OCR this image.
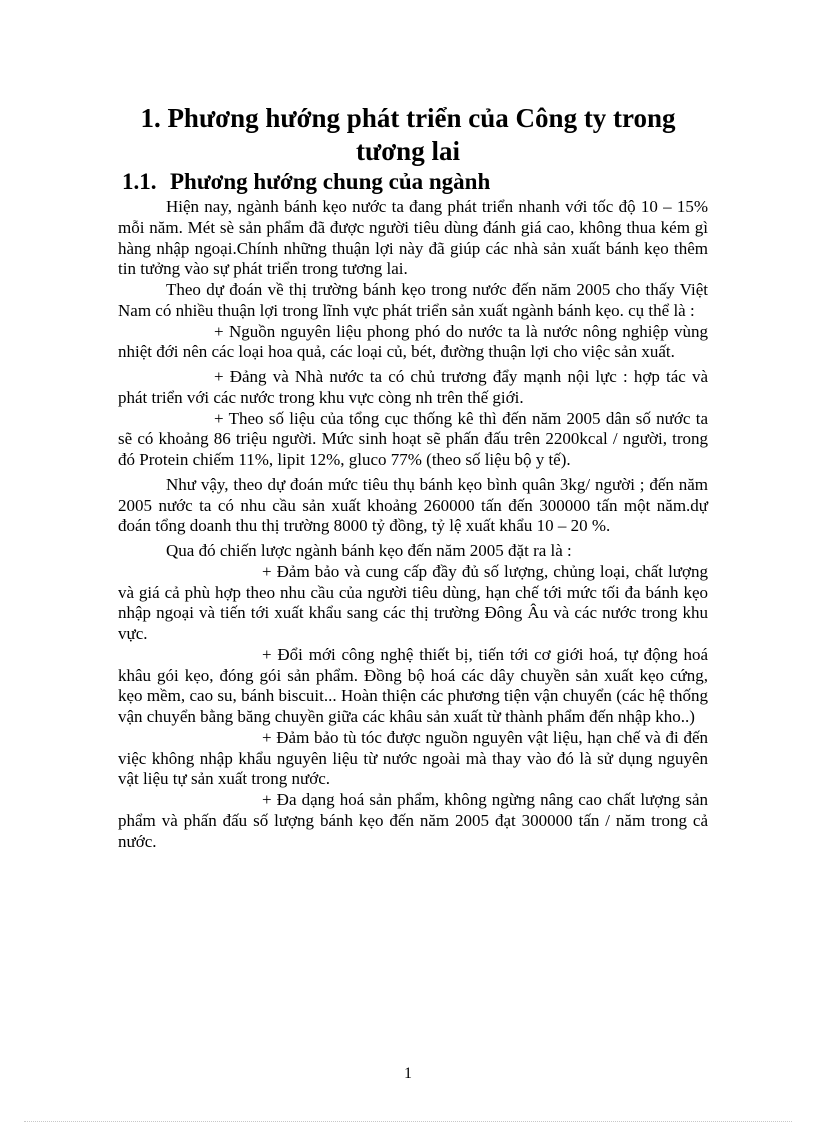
1. Phương hướng phát triển của Công ty trong tương lai
1.1. Phương hướng chung của ngành

Hiện nay, ngành bánh kẹo nước ta đang phát triển nhanh với tốc độ 10 – 15% mỗi năm. Mét sè sản phẩm đã được người tiêu dùng đánh giá cao, không thua kém gì hàng nhập ngoại.Chính những thuận lợi này đã giúp các nhà sản xuất bánh kẹo thêm tin tưởng vào sự phát triển trong tương lai.

Theo dự đoán về thị trường bánh kẹo trong nước đến năm 2005 cho thấy Việt Nam có nhiều thuận lợi trong lĩnh vực phát triển sản xuất ngành bánh kẹo. cụ thể là :

+ Nguồn nguyên liệu phong phó do nước ta là nước nông nghiệp vùng nhiệt đới nên các loại hoa quả, các loại củ, bét, đường thuận lợi cho việc sản xuất.

+ Đảng và Nhà nước ta có chủ trương đẩy mạnh nội lực : hợp tác và phát triển với các nước trong khu vực còng nh trên thế giới.

+ Theo số liệu của tổng cục thống kê thì đến năm 2005 dân số nước ta sẽ có khoảng 86 triệu người. Mức sinh hoạt sẽ phấn đấu trên 2200kcal / người, trong đó Protein chiếm 11%, lipit 12%, gluco 77% (theo số liệu bộ y tế).

Như vậy, theo dự đoán mức tiêu thụ bánh kẹo bình quân 3kg/ người ; đến năm 2005 nước ta có nhu cầu sản xuất khoảng 260000 tấn đến 300000 tấn một năm.dự đoán tổng doanh thu thị trường 8000 tỷ đồng, tỷ lệ xuất khẩu 10 – 20 %.

Qua đó chiến lược ngành bánh kẹo đến năm 2005 đặt ra là :

+ Đảm bảo và cung cấp đầy đủ số lượng, chủng loại, chất lượng và giá cả phù hợp theo nhu cầu của người tiêu dùng, hạn chế tới mức tối đa bánh kẹo nhập ngoại và tiến tới xuất khẩu sang các thị trường Đông Âu và các nước trong khu vực.

+ Đổi mới công nghệ thiết bị, tiến tới cơ giới hoá, tự động hoá khâu gói kẹo, đóng gói sản phẩm. Đồng bộ hoá các dây chuyền sản xuất kẹo cứng, kẹo mềm, cao su, bánh biscuit... Hoàn thiện các phương tiện vận chuyển (các hệ thống vận chuyển bằng băng chuyền giữa các khâu sản xuất từ thành phẩm đến nhập kho..)

+ Đảm bảo tù tóc được nguồn nguyên vật liệu, hạn chế và đi đến việc không nhập khẩu nguyên liệu từ nước ngoài mà thay vào đó là sử dụng nguyên vật liệu tự sản xuất trong nước.

+ Đa dạng hoá sản phẩm, không ngừng nâng cao chất lượng sản phẩm và phấn đấu số lượng bánh kẹo đến năm 2005 đạt 300000 tấn / năm trong cả nước.

1
